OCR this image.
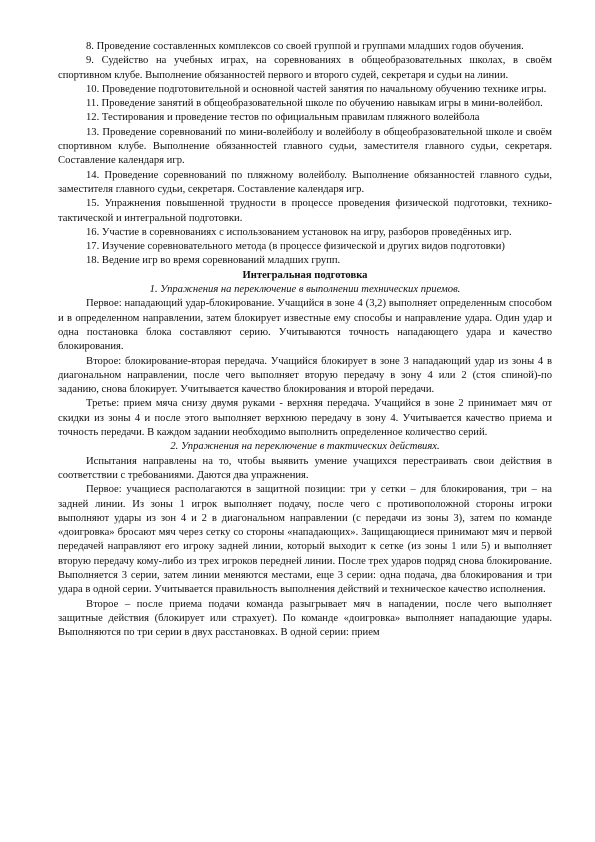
8. Проведение составленных комплексов со своей группой и группами младших годов обучения.

9. Судейство на учебных играх, на соревнованиях в общеобразовательных школах, в своём спортивном клубе. Выполнение обязанностей первого и второго судей, секретаря и судьи на линии.

10. Проведение подготовительной и основной частей занятия по начальному обучению технике игры.

11. Проведение занятий в общеобразовательной школе по обучению навыкам игры в мини-волейбол.

12. Тестирования и проведение тестов по официальным правилам пляжного волейбола

13. Проведение соревнований по мини-волейболу и волейболу в общеобразовательной школе и своём спортивном клубе. Выполнение обязанностей главного судьи, заместителя главного судьи, секретаря. Составление календаря игр.

14. Проведение соревнований по пляжному волейболу. Выполнение обязанностей главного судьи, заместителя главного судьи, секретаря. Составление календаря игр.

15. Упражнения повышенной трудности в процессе проведения физической подготовки, технико-тактической и интегральной подготовки.

16. Участие в соревнованиях с использованием установок на игру, разборов проведённых игр.

17. Изучение соревновательного метода (в процессе физической и других видов подготовки)

18. Ведение игр во время соревнований младших групп.

Интегральная подготовка

1. Упражнения на переключение в выполнении технических приемов.

Первое: нападающий удар-блокирование. Учащийся в зоне 4 (3,2) выполняет определенным способом и в определенном направлении, затем блокирует известные ему способы и направление удара. Один удар и одна постановка блока составляют серию. Учитываются точность нападающего удара и качество блокирования.

Второе: блокирование-вторая передача. Учащийся блокирует в зоне 3 нападающий удар из зоны 4 в диагональном направлении, после чего выполняет вторую передачу в зону 4 или 2 (стоя спиной)-по заданию, снова блокирует. Учитывается качество блокирования и второй передачи.

Третье: прием мяча снизу двумя руками - верхняя передача. Учащийся в зоне 2 принимает мяч от скидки из зоны 4 и после этого выполняет верхнюю передачу в зону 4. Учитывается качество приема и точность передачи. В каждом задании необходимо выполнить определенное количество серий.

2. Упражнения на переключение в тактических действиях.

Испытания направлены на то, чтобы выявить умение учащихся перестраивать свои действия в соответствии с требованиями. Даются два упражнения.

Первое: учащиеся располагаются в защитной позиции: три у сетки – для блокирования, три – на задней линии. Из зоны 1 игрок выполняет подачу, после чего с противоположной стороны игроки выполняют удары из зон 4 и 2 в диагональном направлении (с передачи из зоны 3), затем по команде «доигровка» бросают мяч через сетку со стороны «нападающих». Защищающиеся принимают мяч и первой передачей направляют его игроку задней линии, который выходит к сетке (из зоны 1 или 5) и выполняет вторую передачу кому-либо из трех игроков передней линии. После трех ударов подряд снова блокирование. Выполняется 3 серии, затем линии меняются местами, еще 3 серии: одна подача, два блокирования и три удара в одной серии. Учитывается правильность выполнения действий и техническое качество исполнения.

Второе – после приема подачи команда разыгрывает мяч в нападении, после чего выполняет защитные действия (блокирует или страхует). По команде «доигровка» выполняет нападающие удары. Выполняются по три серии в двух расстановках. В одной серии: прием
